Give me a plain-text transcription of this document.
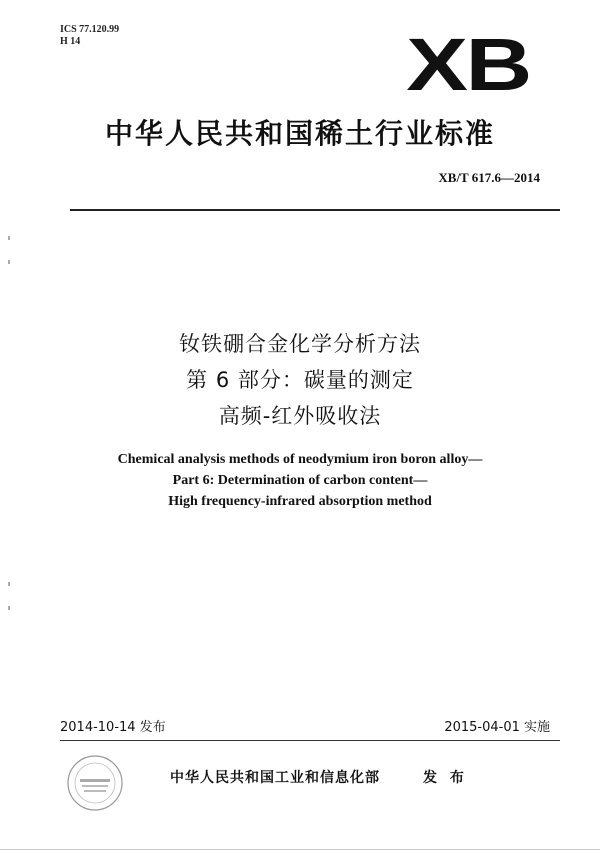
ICS 77.120.99
H 14	XB
中华人民共和国稀土行业标准
XB/T 617.6—2014
钕铁硼合金化学分析方法
第 6 部分：碳量的测定
高频-红外吸收法
Chemical analysis methods of neodymium iron boron alloy—
Part 6: Determination of carbon content—
High frequency-infrared absorption method
2014-10-14 发布	2015-04-01 实施
中华人民共和国工业和信息化部	发 布
